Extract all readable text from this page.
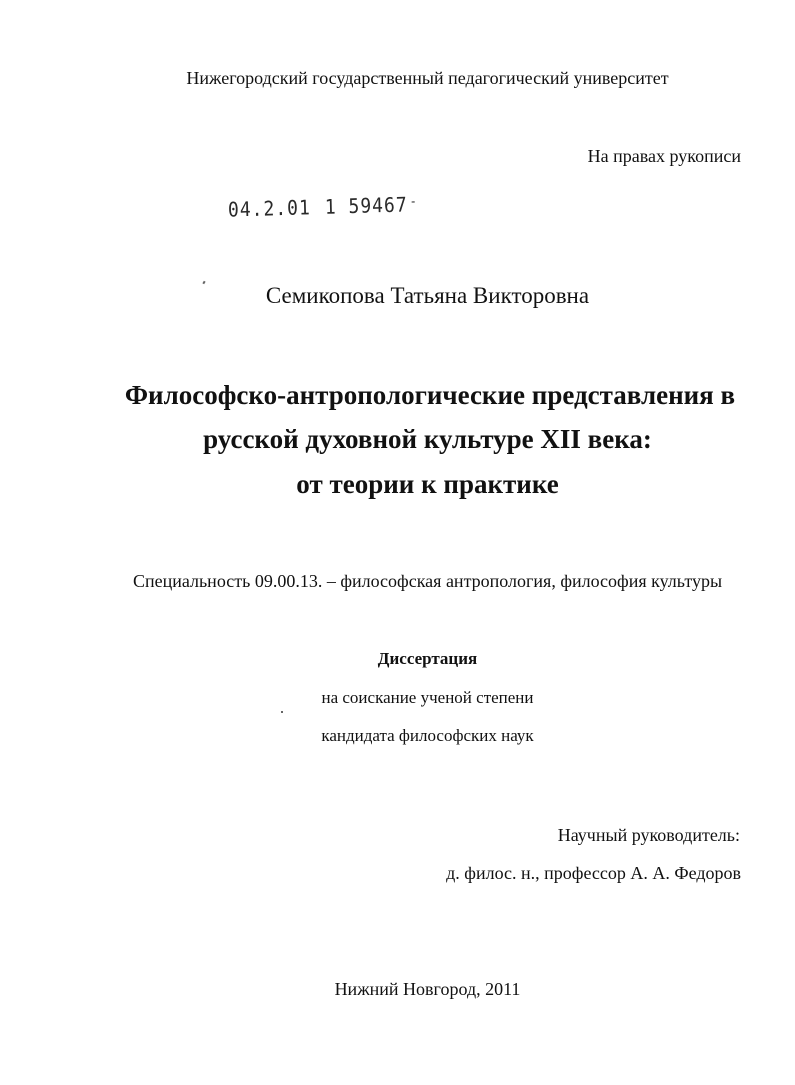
Нижегородский государственный педагогический университет
На правах рукописи
04.2.01 1 59467-
Семикопова Татьяна Викторовна
Философско-антропологические представления в
русской духовной культуре XII века:
от теории к практике
Специальность 09.00.13. – философская антропология, философия культуры
Диссертация
на соискание ученой степени
кандидата философских наук
Научный руководитель:
д. филос. н., профессор А. А. Федоров
Нижний Новгород, 2011
